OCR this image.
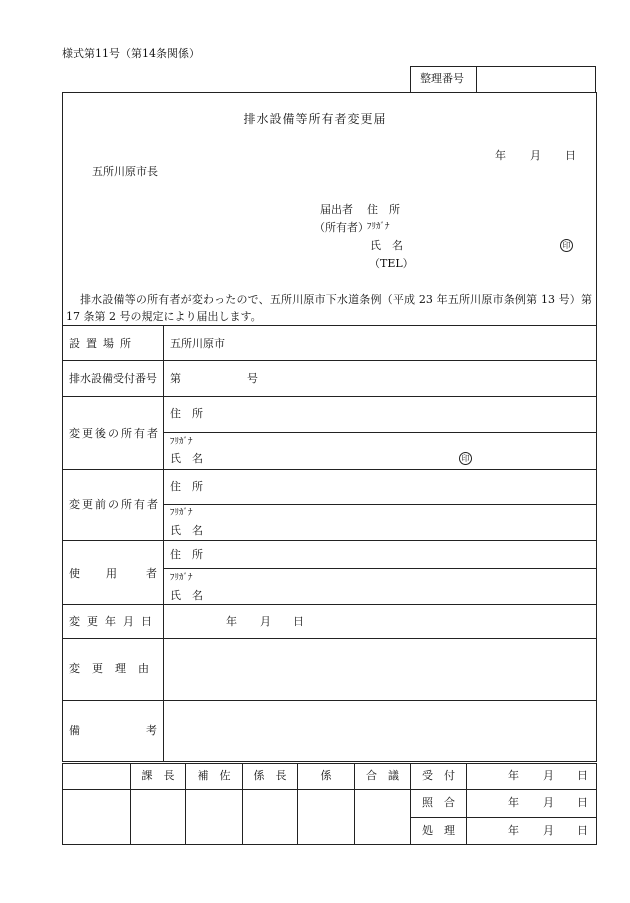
様式第11号（第14条関係）
整理番号
排水設備等所有者変更届
年 月 日
五所川原市長
届出者 住　所
（所有者）
ﾌﾘｶﾞﾅ
氏　名	印
（TEL）
排水設備等の所有者が変わったので、五所川原市下水道条例（平成 23 年五所川原市条例第 13 号）第 17 条第 2 号の規定により届出します。
設置場所	五所川原市
排水設備受付番号 第	号
変更後の所有者
住　所
ﾌﾘｶﾞﾅ
氏　名	印
変更前の所有者
住　所
ﾌﾘｶﾞﾅ
氏　名
使 用	者
住　所
ﾌﾘｶﾞﾅ
氏　名
変更年月日	年 月 日
変更理由
備	考
課　長	補　佐	係　長	係	合　議	受　付	年 月 日
照　合	年 月 日
処　理	年 月 日
